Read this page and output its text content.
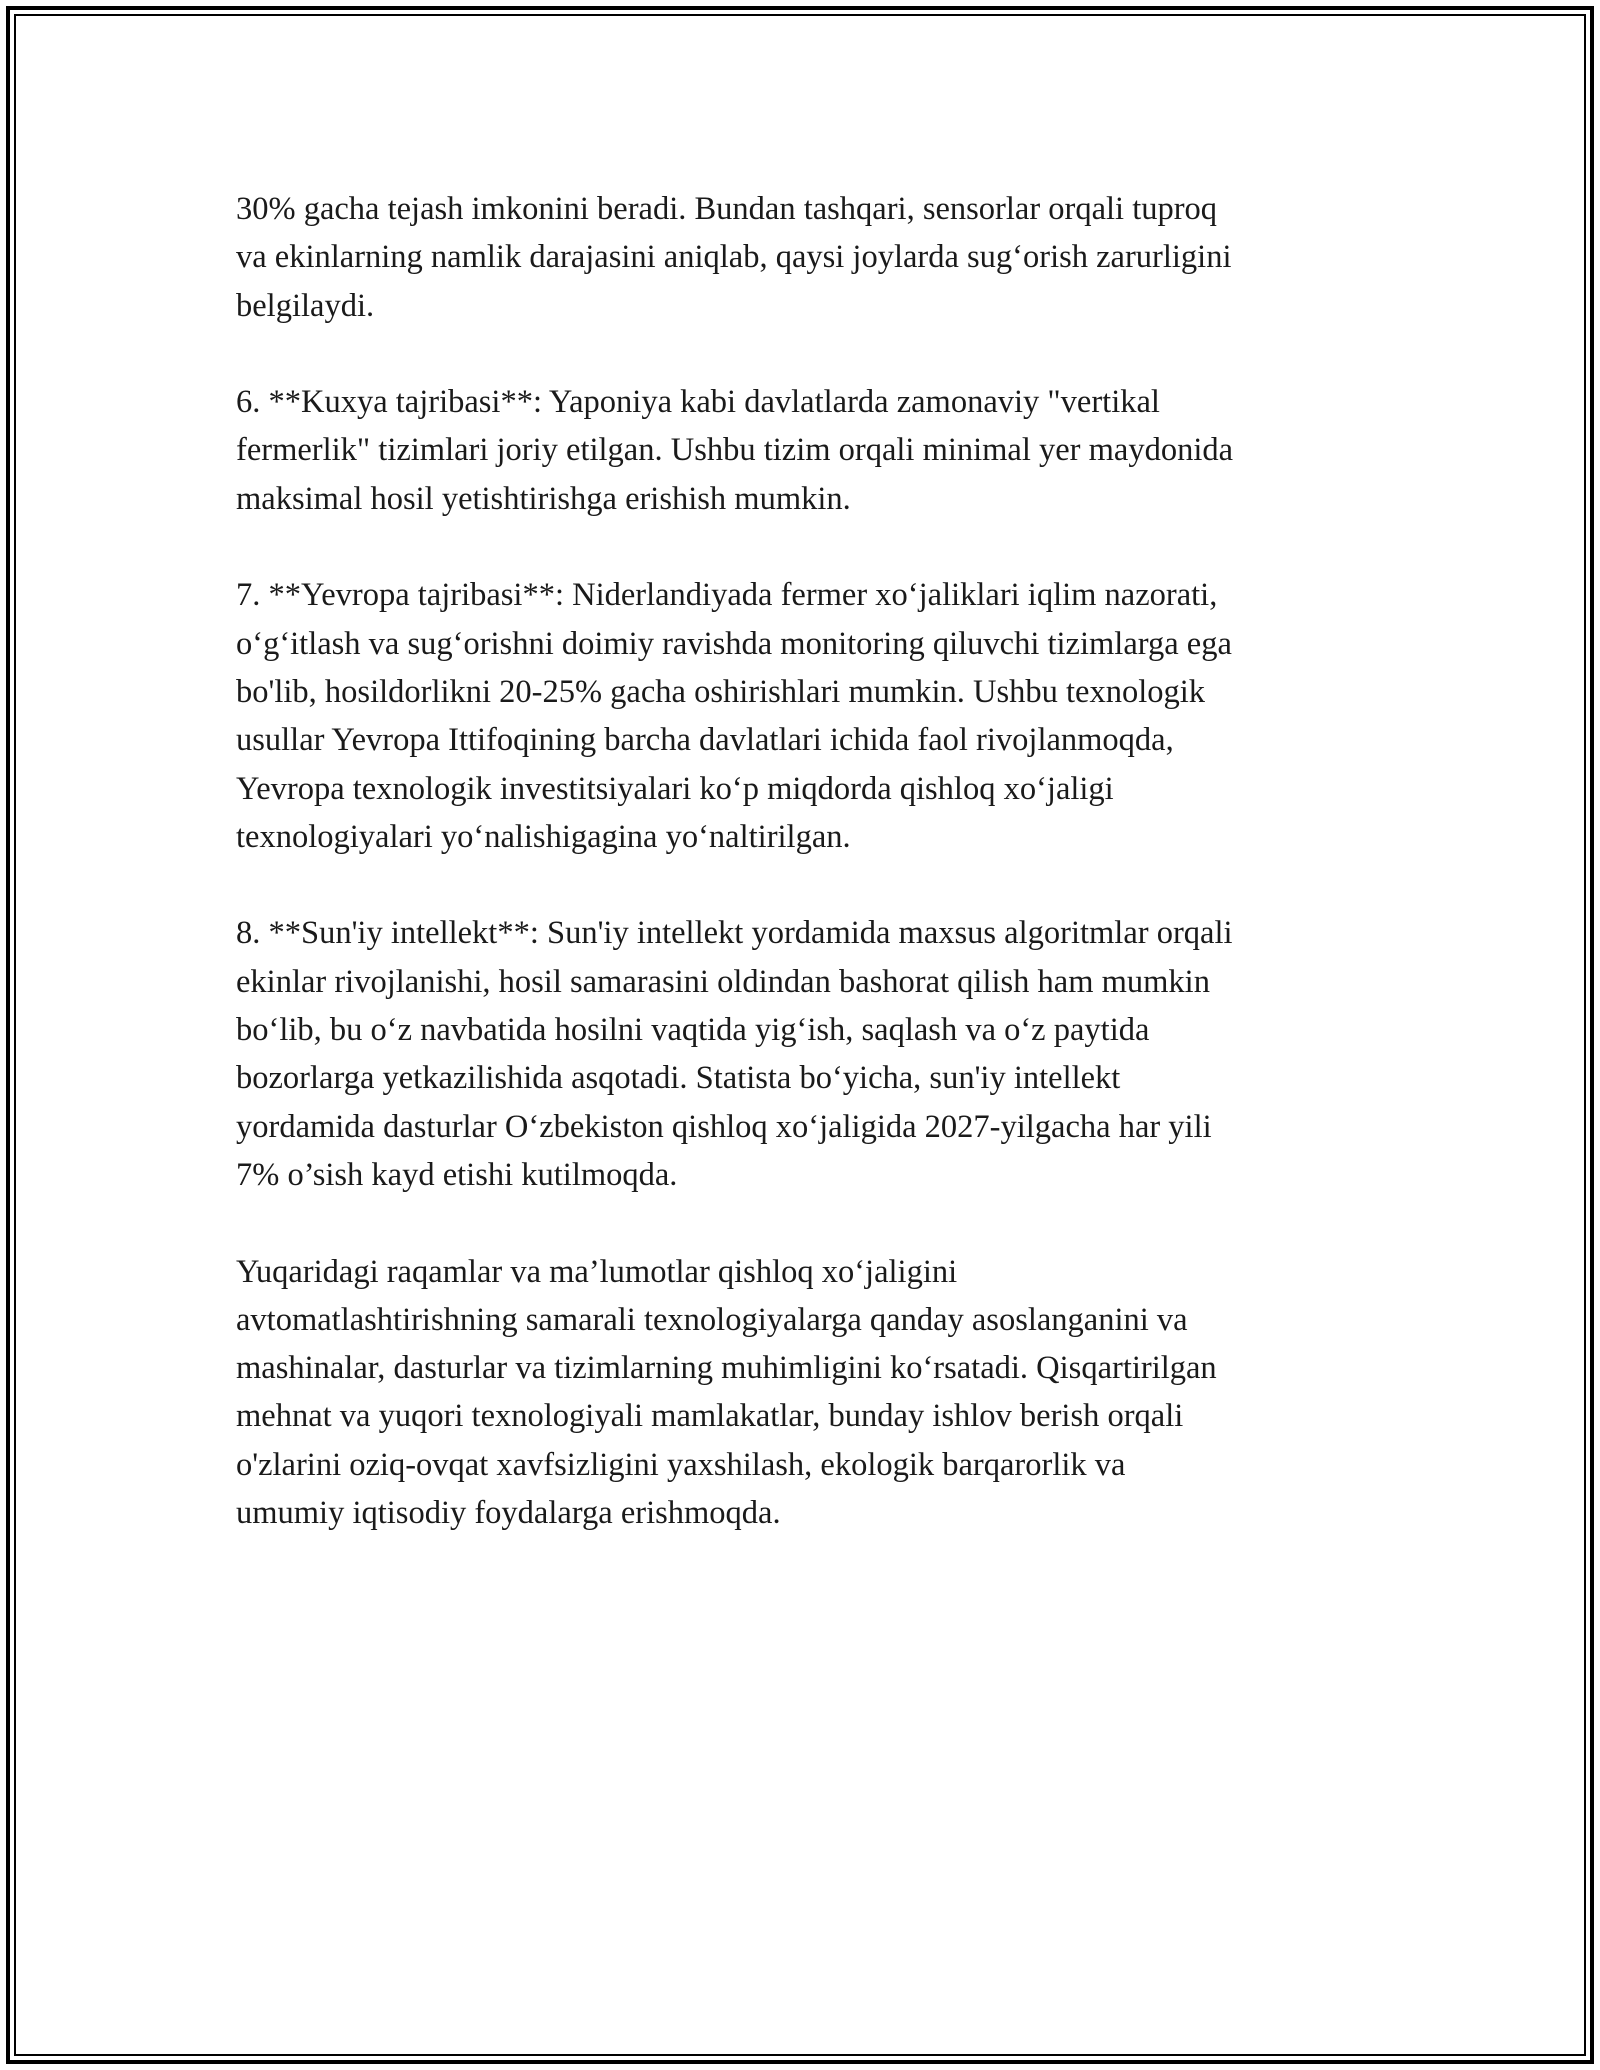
30% gacha tejash imkonini beradi. Bundan tashqari, sensorlar orqali tuproq
va ekinlarning namlik darajasini aniqlab, qaysi joylarda sug‘orish zarurligini
belgilaydi.

6. **Kuxya tajribasi**: Yaponiya kabi davlatlarda zamonaviy "vertikal
fermerlik" tizimlari joriy etilgan. Ushbu tizim orqali minimal yer maydonida
maksimal hosil yetishtirishga erishish mumkin.

7. **Yevropa tajribasi**: Niderlandiyada fermer xo‘jaliklari iqlim nazorati,
o‘g‘itlash va sug‘orishni doimiy ravishda monitoring qiluvchi tizimlarga ega
bo'lib, hosildorlikni 20-25% gacha oshirishlari mumkin. Ushbu texnologik
usullar Yevropa Ittifoqining barcha davlatlari ichida faol rivojlanmoqda,
Yevropa texnologik investitsiyalari ko‘p miqdorda qishloq xo‘jaligi
texnologiyalari yo‘nalishigagina yo‘naltirilgan.

8. **Sun'iy intellekt**: Sun'iy intellekt yordamida maxsus algoritmlar orqali
ekinlar rivojlanishi, hosil samarasini oldindan bashorat qilish ham mumkin
bo‘lib, bu o‘z navbatida hosilni vaqtida yig‘ish, saqlash va o‘z paytida
bozorlarga yetkazilishida asqotadi. Statista bo‘yicha, sun'iy intellekt
yordamida dasturlar O‘zbekiston qishloq xo‘jaligida 2027-yilgacha har yili
7% o’sish kayd etishi kutilmoqda.

Yuqaridagi raqamlar va ma’lumotlar qishloq xo‘jaligini
avtomatlashtirishning samarali texnologiyalarga qanday asoslanganini va
mashinalar, dasturlar va tizimlarning muhimligini ko‘rsatadi. Qisqartirilgan
mehnat va yuqori texnologiyali mamlakatlar, bunday ishlov berish orqali
o'zlarini oziq-ovqat xavfsizligini yaxshilash, ekologik barqarorlik va
umumiy iqtisodiy foydalarga erishmoqda.
